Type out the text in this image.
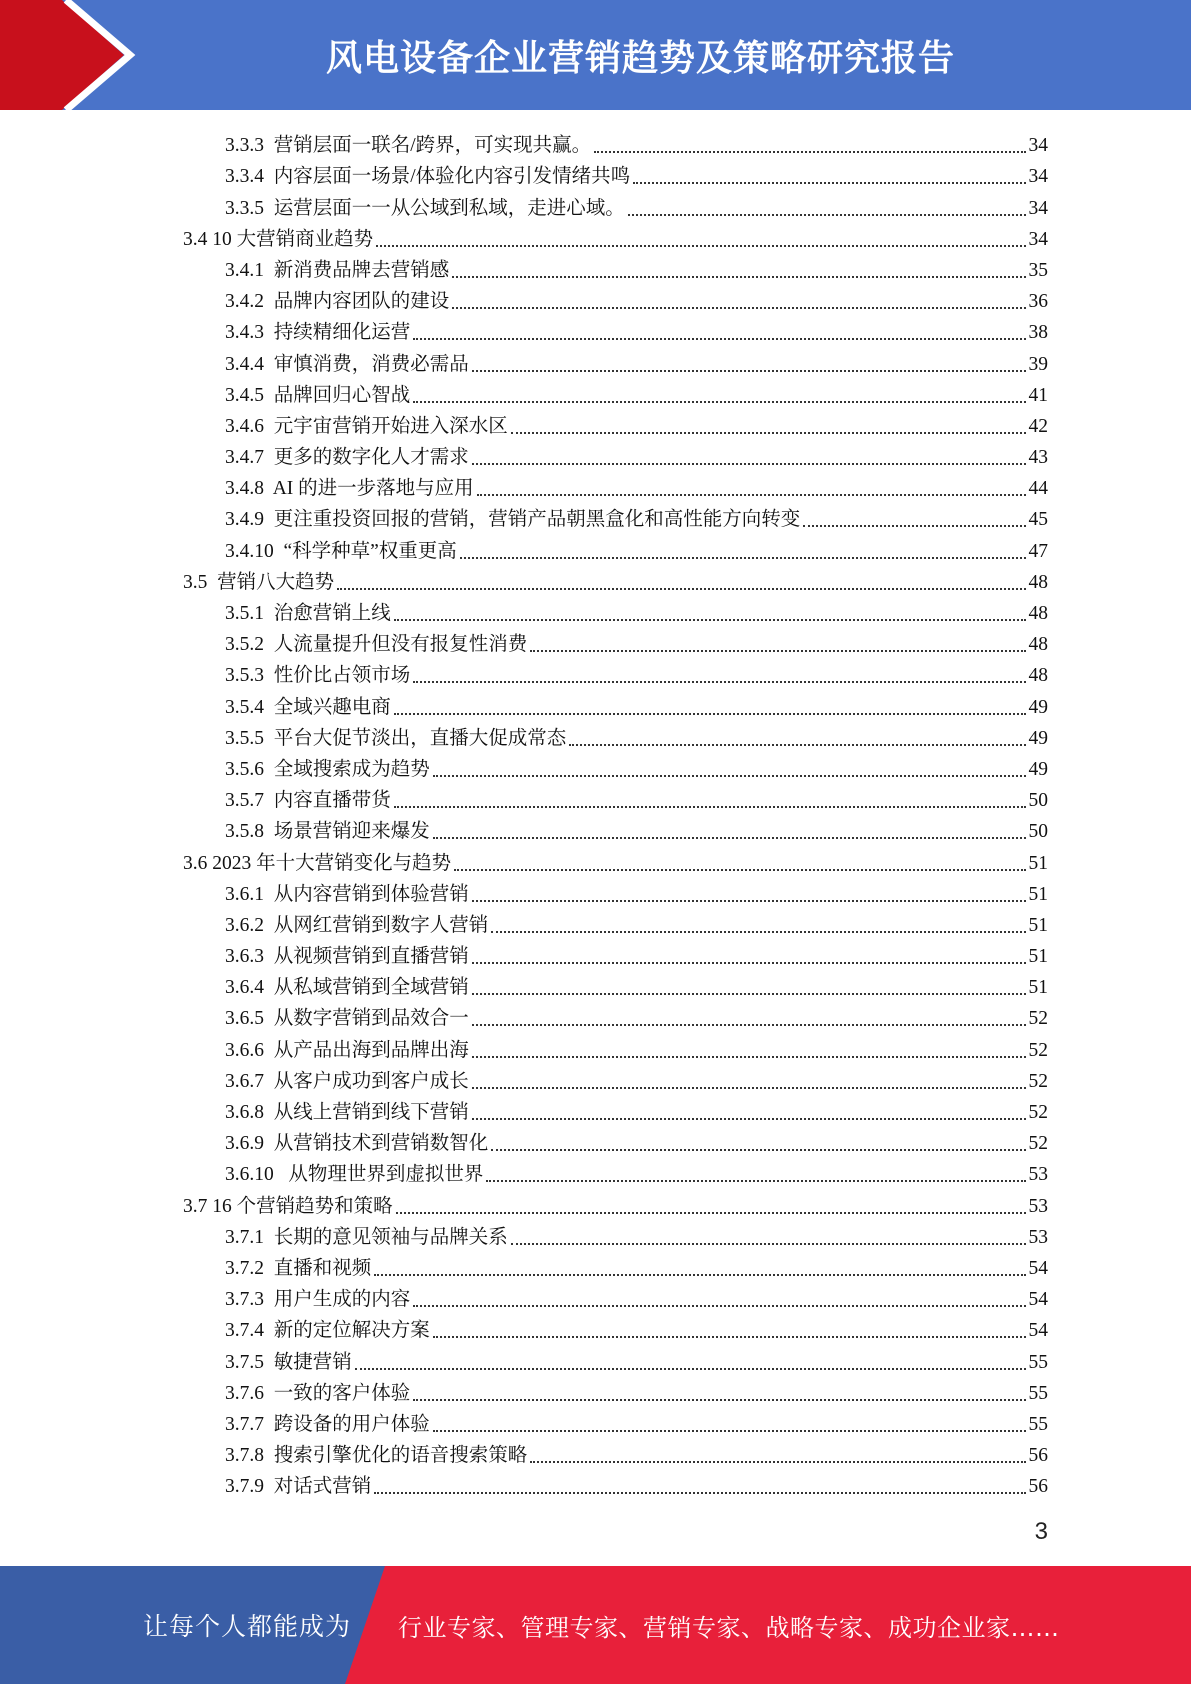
风电设备企业营销趋势及策略研究报告
3.3.3 营销层面一联名/跨界，可实现共赢。	34
3.3.4 内容层面一场景/体验化内容引发情绪共鸣	34
3.3.5 运营层面一一从公域到私域，走进心域。	34
3.4 10 大营销商业趋势	34
3.4.1 新消费品牌去营销感	35
3.4.2 品牌内容团队的建设	36
3.4.3 持续精细化运营	38
3.4.4 审慎消费，消费必需品	39
3.4.5 品牌回归心智战	41
3.4.6 元宇宙营销开始进入深水区	42
3.4.7 更多的数字化人才需求	43
3.4.8 AI 的进一步落地与应用	44
3.4.9 更注重投资回报的营销，营销产品朝黑盒化和高性能方向转变	45
3.4.10 “科学种草”权重更高	47
3.5  营销八大趋势	48
3.5.1 治愈营销上线	48
3.5.2 人流量提升但没有报复性消费	48
3.5.3 性价比占领市场	48
3.5.4 全域兴趣电商	49
3.5.5 平台大促节淡出，直播大促成常态	49
3.5.6 全域搜索成为趋势	49
3.5.7 内容直播带货	50
3.5.8 场景营销迎来爆发	50
3.6 2023 年十大营销变化与趋势	51
3.6.1 从内容营销到体验营销	51
3.6.2 从网红营销到数字人营销	51
3.6.3 从视频营销到直播营销	51
3.6.4 从私域营销到全域营销	51
3.6.5 从数字营销到品效合一	52
3.6.6 从产品出海到品牌出海	52
3.6.7 从客户成功到客户成长	52
3.6.8 从线上营销到线下营销	52
3.6.9 从营销技术到营销数智化	52
3.6.10   从物理世界到虚拟世界	53
3.7 16 个营销趋势和策略	53
3.7.1 长期的意见领袖与品牌关系	53
3.7.2 直播和视频	54
3.7.3 用户生成的内容	54
3.7.4 新的定位解决方案	54
3.7.5 敏捷营销	55
3.7.6 一致的客户体验	55
3.7.7 跨设备的用户体验	55
3.7.8 搜索引擎优化的语音搜索策略	56
3.7.9 对话式营销	56
3
让每个人都能成为 行业专家、管理专家、营销专家、战略专家、成功企业家……
